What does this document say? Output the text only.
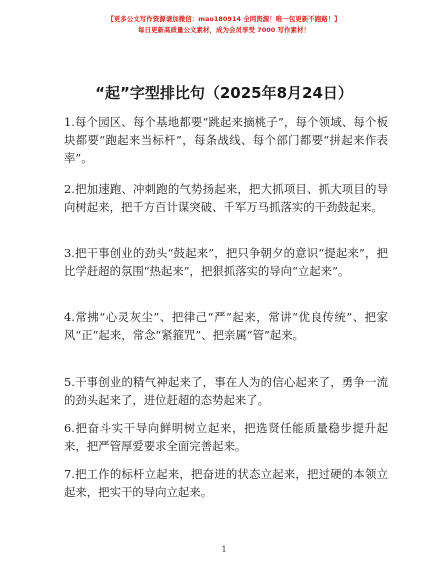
【更多公文写作资源请加微信：mao180914 全网资源！唯一包更新不跑路！】
每日更新高质量公文素材，成为会员享受 7000 写作素材！
“起”字型排比句（2025年8月24日）

1.每个园区、每个基地都要“跳起来摘桃子”，每个领域、每个板块都要“跑起来当标杆”，每条战线、每个部门都要“拼起来作表率”。

2.把加速跑、冲刺跑的气势扬起来，把大抓项目、抓大项目的导向树起来，把千方百计谋突破、千军万马抓落实的干劲鼓起来。

3.把干事创业的劲头“鼓起来”，把只争朝夕的意识“提起来”，把比学赶超的氛围“热起来”，把狠抓落实的导向“立起来”。

4.常拂“心灵灰尘”、把律己“严”起来，常讲“优良传统”、把家风“正”起来，常念“紧箍咒”、把亲属“管”起来。

5.干事创业的精气神起来了，事在人为的信心起来了，勇争一流的劲头起来了，进位赶超的态势起来了。

6.把奋斗实干导向鲜明树立起来，把选贤任能质量稳步提升起来，把严管厚爱要求全面完善起来。

7.把工作的标杆立起来，把奋进的状态立起来，把过硬的本领立起来，把实干的导向立起来。

1
